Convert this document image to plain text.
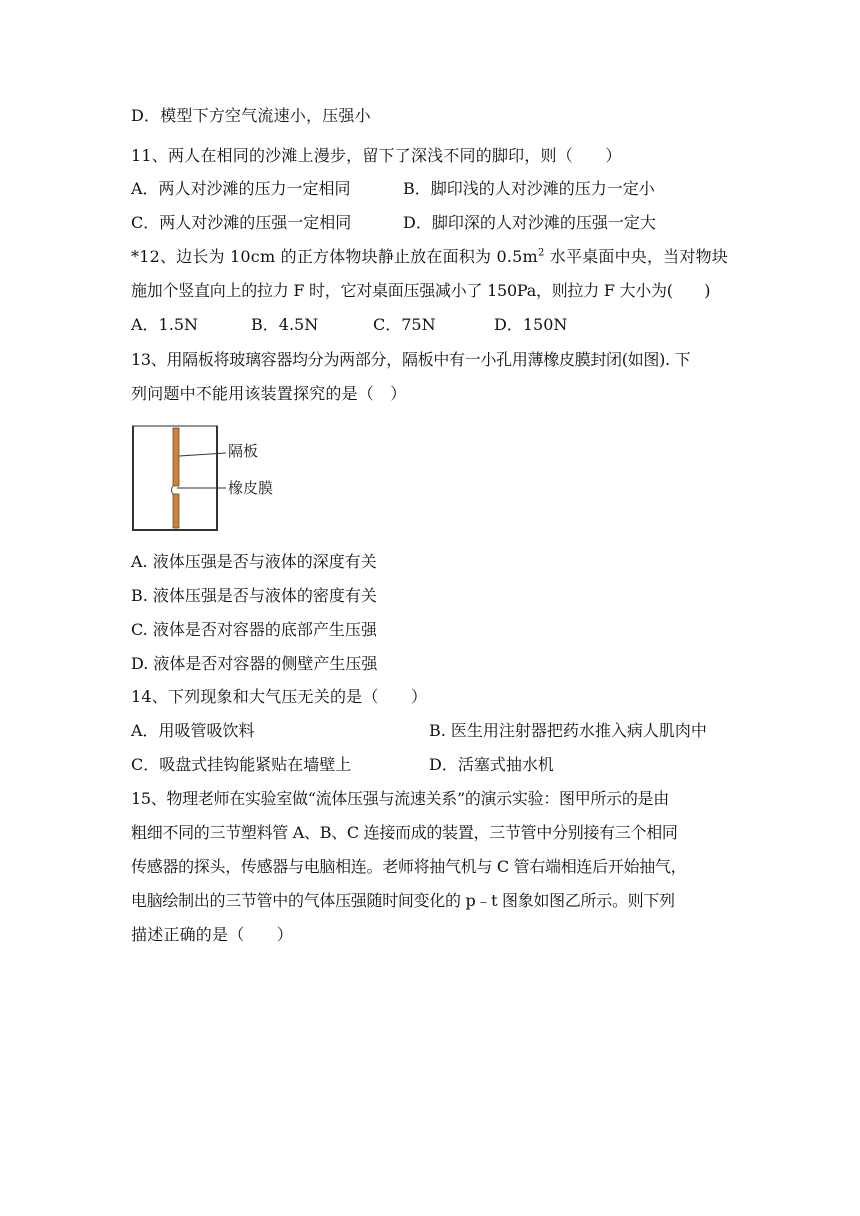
D．模型下方空气流速小，压强小
11、两人在相同的沙滩上漫步，留下了深浅不同的脚印，则（　　）
A．两人对沙滩的压力一定相同	B．脚印浅的人对沙滩的压力一定小
C．两人对沙滩的压强一定相同	D．脚印深的人对沙滩的压强一定大
*12、边长为 10cm 的正方体物块静止放在面积为 $0.5m^2$ 水平桌面中央，当对物块
施加个竖直向上的拉力 F 时，它对桌面压强减小了 150Pa，则拉力 F 大小为(　　)
A．1.5N	B．4.5N	C．75N	D．150N
13、用隔板将玻璃容器均分为两部分，隔板中有一小孔用薄橡皮膜封闭(如图). 下
列问题中不能用该装置探究的是（　）
隔板
橡皮膜
A. 液体压强是否与液体的深度有关
B. 液体压强是否与液体的密度有关
C. 液体是否对容器的底部产生压强
D. 液体是否对容器的侧壁产生压强
14、下列现象和大气压无关的是（　　）
A．用吸管吸饮料	B. 医生用注射器把药水推入病人肌肉中
C．吸盘式挂钩能紧贴在墙壁上	D．活塞式抽水机
15、物理老师在实验室做“流体压强与流速关系”的演示实验：图甲所示的是由
粗细不同的三节塑料管 A、B、C 连接而成的装置，三节管中分别接有三个相同
传感器的探头，传感器与电脑相连。老师将抽气机与 C 管右端相连后开始抽气，
电脑绘制出的三节管中的气体压强随时间变化的 p﹣t 图象如图乙所示。则下列
描述正确的是（　　）
